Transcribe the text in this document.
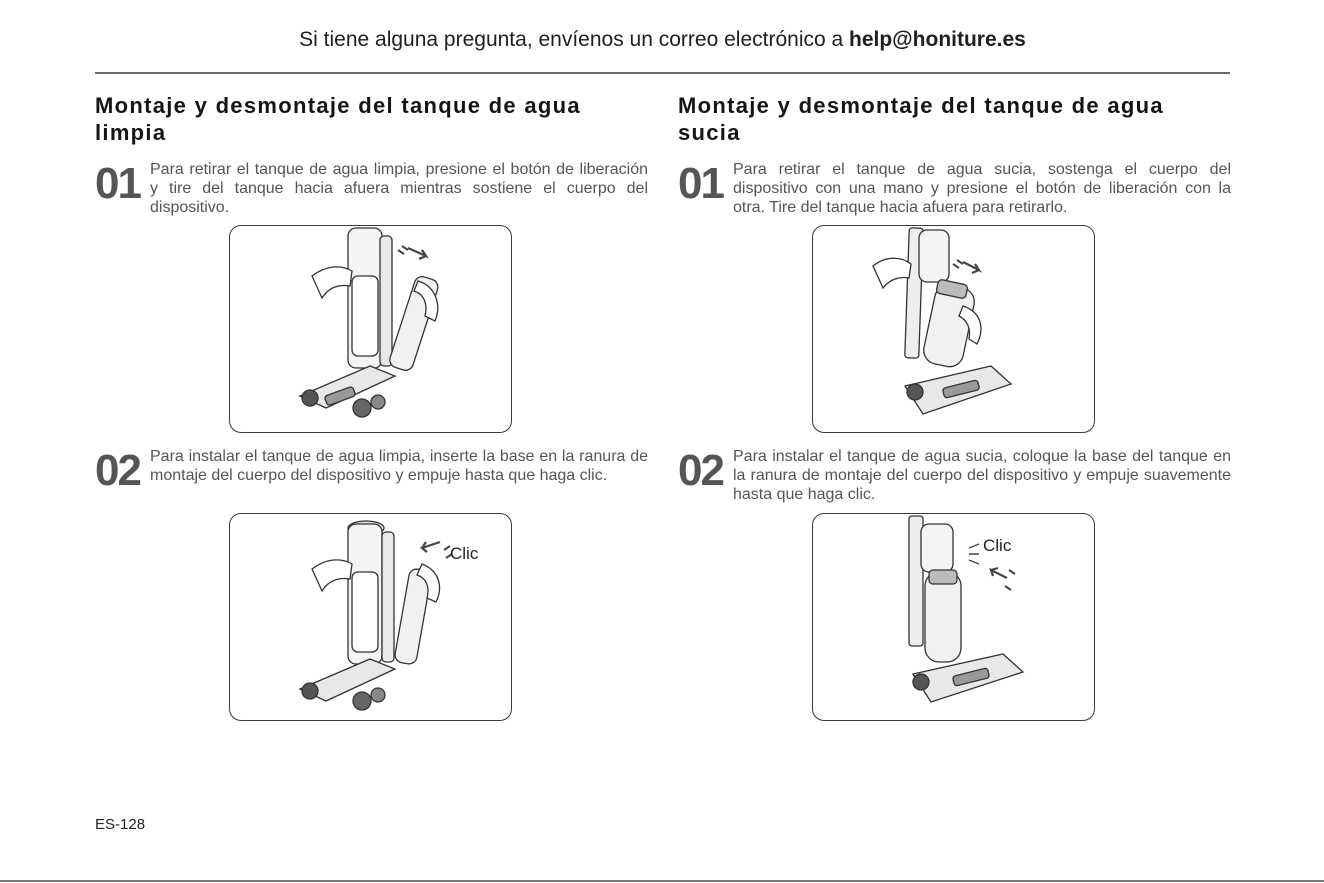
Si tiene alguna pregunta, envíenos un correo electrónico a help@honiture.es
Montaje y desmontaje del tanque de agua limpia
01 Para retirar el tanque de agua limpia, presione el botón de liberación y tire del tanque hacia afuera mientras sostiene el cuerpo del dispositivo.
02 Para instalar el tanque de agua limpia, inserte la base en la ranura de montaje del cuerpo del dispositivo y empuje hasta que haga clic.
Clic
Montaje y desmontaje del tanque de agua sucia
01 Para retirar el tanque de agua sucia, sostenga el cuerpo del dispositivo con una mano y presione el botón de liberación con la otra. Tire del tanque hacia afuera para retirarlo.
02 Para instalar el tanque de agua sucia, coloque la base del tanque en la ranura de montaje del cuerpo del dispositivo y empuje suavemente hasta que haga clic.
Clic
ES-128
